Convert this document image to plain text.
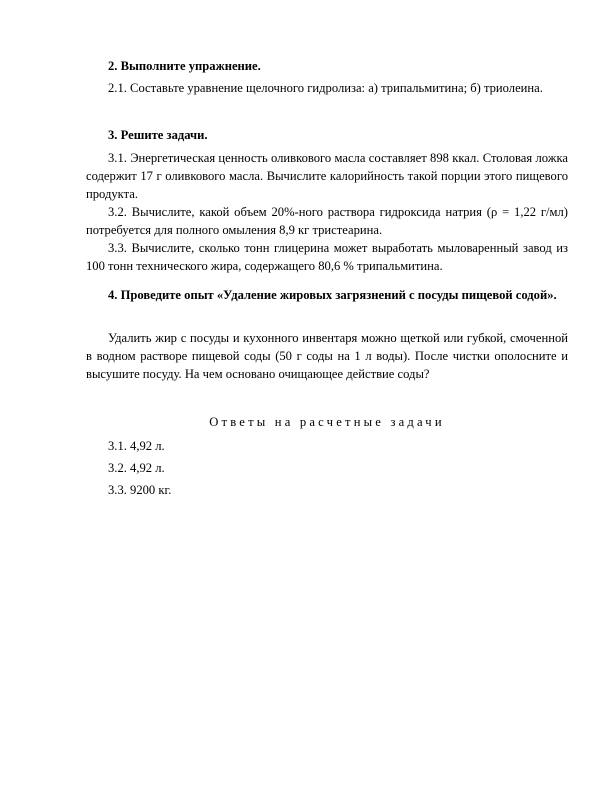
2. Выполните упражнение.

2.1. Составьте уравнение щелочного гидролиза: а) трипальмитина; б) триолеина.

3. Решите задачи.

3.1. Энергетическая ценность оливкового масла составляет 898 ккал. Столовая ложка содержит 17 г оливкового масла. Вычислите калорийность такой порции этого пищевого продукта.

3.2. Вычислите, какой объем 20%-ного раствора гидроксида натрия (ρ = 1,22 г/мл) потребуется для полного омыления 8,9 кг тристеарина.

3.3. Вычислите, сколько тонн глицерина может выработать мыловаренный завод из 100 тонн технического жира, содержащего 80,6 % трипальмитина.

4. Проведите опыт «Удаление жировых загрязнений с посуды пищевой содой».

Удалить жир с посуды и кухонного инвентаря можно щеткой или губкой, смоченной в водном растворе пищевой соды (50 г соды на 1 л воды). После чистки ополосните и высушите посуду. На чем основано очищающее действие соды?

Ответы на расчетные задачи

3.1. 4,92 л.

3.2. 4,92 л.

3.3. 9200 кг.
